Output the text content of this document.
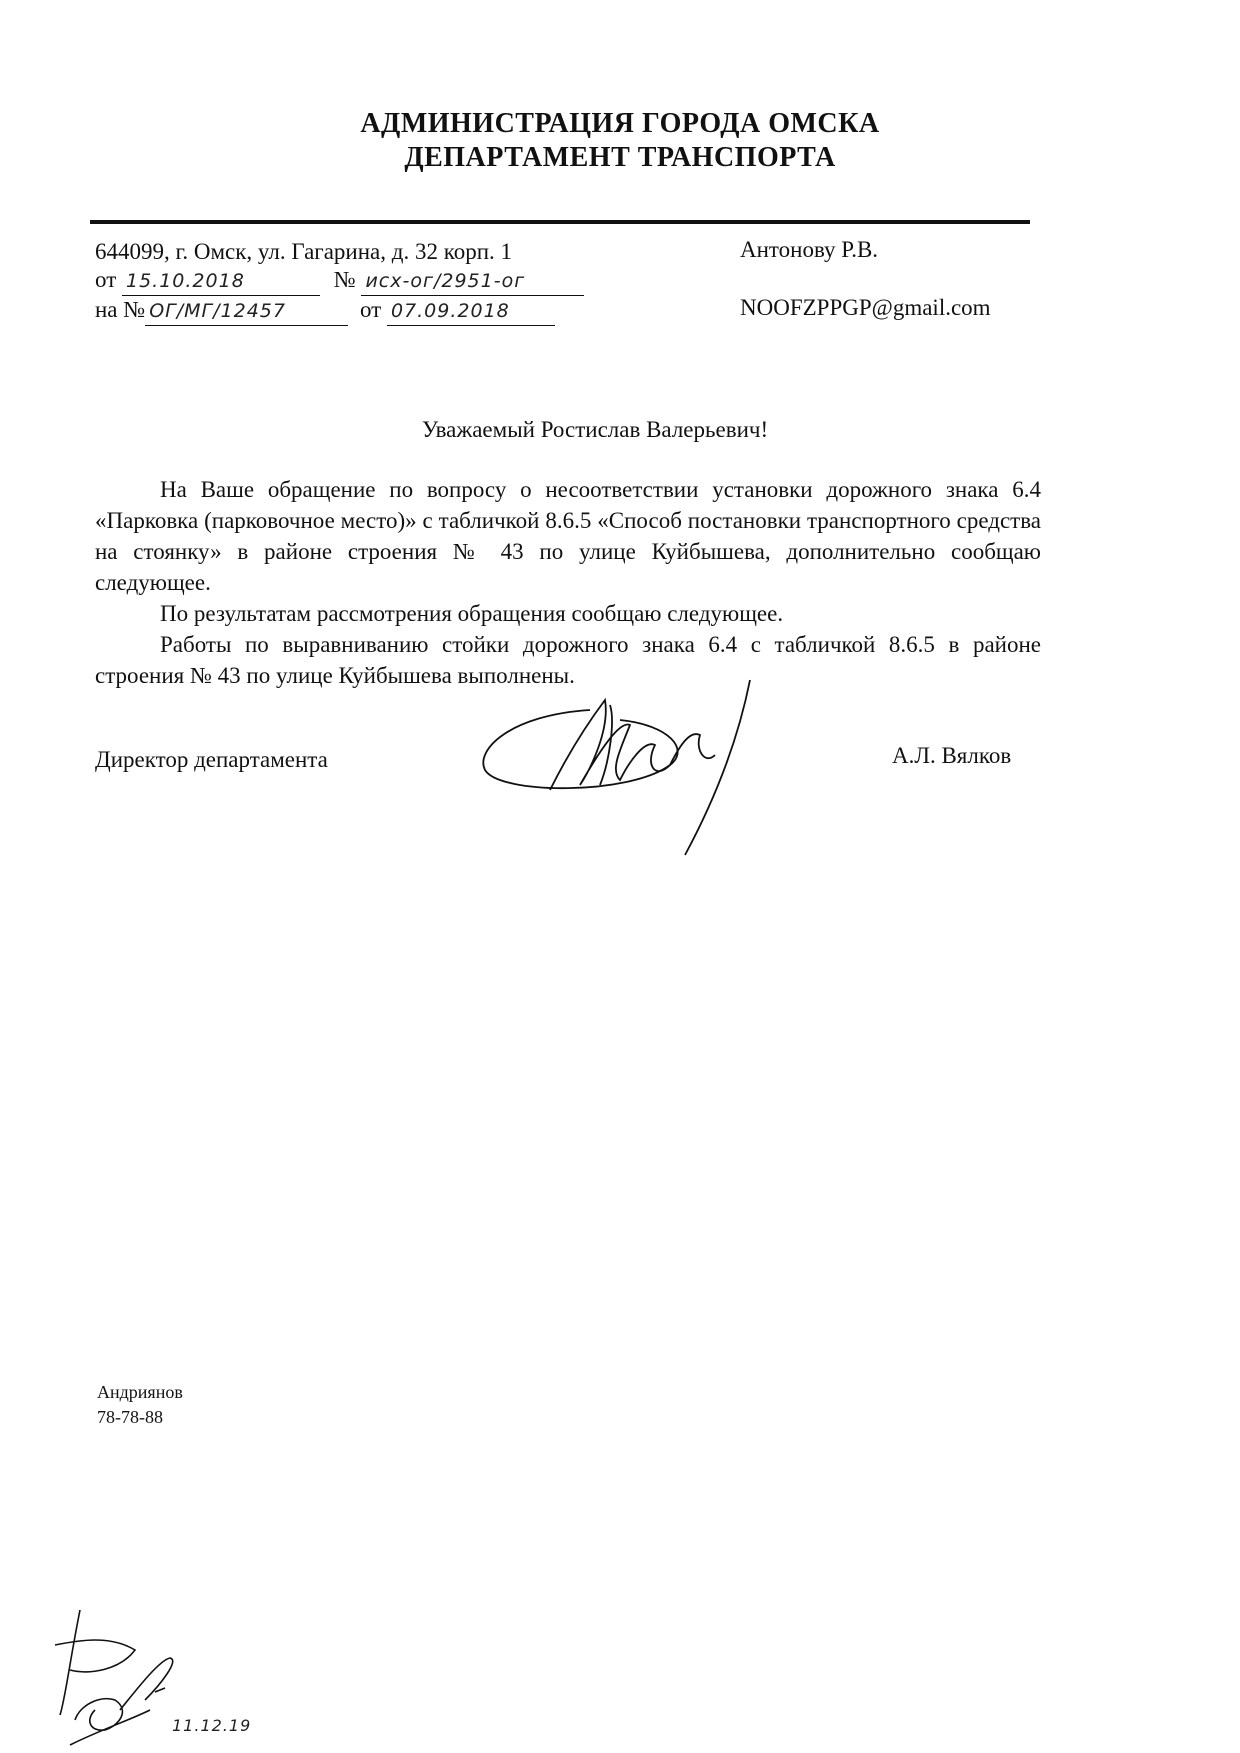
АДМИНИСТРАЦИЯ ГОРОДА ОМСКА
ДЕПАРТАМЕНТ ТРАНСПОРТА
644099, г. Омск, ул. Гагарина, д. 32 корп. 1
от 15.10.2018	№ исх-ог/2951-ог
на № ОГ/МГ/12457	от 07.09.2018
Антонову Р.В.
NOOFZPPGP@gmail.com
Уважаемый Ростислав Валерьевич!

На Ваше обращение по вопросу о несоответствии установки дорожного знака 6.4 «Парковка (парковочное место)» с табличкой 8.6.5 «Способ постановки транспортного средства на стоянку» в районе строения № 43 по улице Куйбышева, дополнительно сообщаю следующее.

По результатам рассмотрения обращения сообщаю следующее.

Работы по выравниванию стойки дорожного знака 6.4 с табличкой 8.6.5 в районе строения № 43 по улице Куйбышева выполнены.

Директор департамента	А.Л. Вялков
Андриянов
78-78-88
11.12.19
